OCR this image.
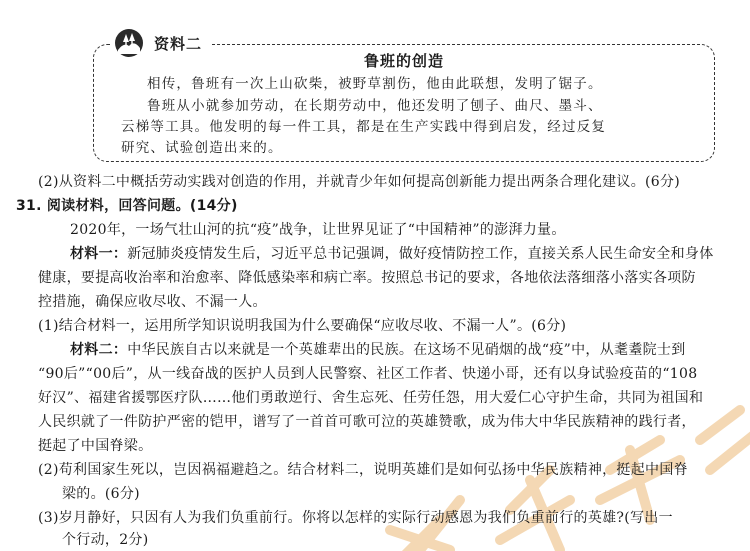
资料二
鲁班的创造
相传，鲁班有一次上山砍柴，被野草割伤，他由此联想，发明了锯子。
鲁班从小就参加劳动，在长期劳动中，他还发明了刨子、曲尺、墨斗、
云梯等工具。他发明的每一件工具，都是在生产实践中得到启发，经过反复
研究、试验创造出来的。
(2)从资料二中概括劳动实践对创造的作用，并就青少年如何提高创新能力提出两条合理化建议。(6分)
31. 阅读材料，回答问题。(14分)
2020年，一场气壮山河的抗“疫”战争，让世界见证了“中国精神”的澎湃力量。
材料一：新冠肺炎疫情发生后，习近平总书记强调，做好疫情防控工作，直接关系人民生命安全和身体
健康，要提高收治率和治愈率、降低感染率和病亡率。按照总书记的要求，各地依法落细落小落实各项防
控措施，确保应收尽收、不漏一人。
(1)结合材料一，运用所学知识说明我国为什么要确保“应收尽收、不漏一人”。(6分)
材料二：中华民族自古以来就是一个英雄辈出的民族。在这场不见硝烟的战“疫”中，从耄耋院士到
“90后”“00后”，从一线奋战的医护人员到人民警察、社区工作者、快递小哥，还有以身试验疫苗的“108
好汉”、福建省援鄂医疗队……他们勇敢逆行、舍生忘死、任劳任怨，用大爱仁心守护生命，共同为祖国和
人民织就了一件防护严密的铠甲，谱写了一首首可歌可泣的英雄赞歌，成为伟大中华民族精神的践行者，
挺起了中国脊梁。
(2)苟利国家生死以，岂因祸福避趋之。结合材料二，说明英雄们是如何弘扬中华民族精神，挺起中国脊
梁的。(6分)
(3)岁月静好，只因有人为我们负重前行。你将以怎样的实际行动感恩为我们负重前行的英雄?(写出一
个行动，2分)
